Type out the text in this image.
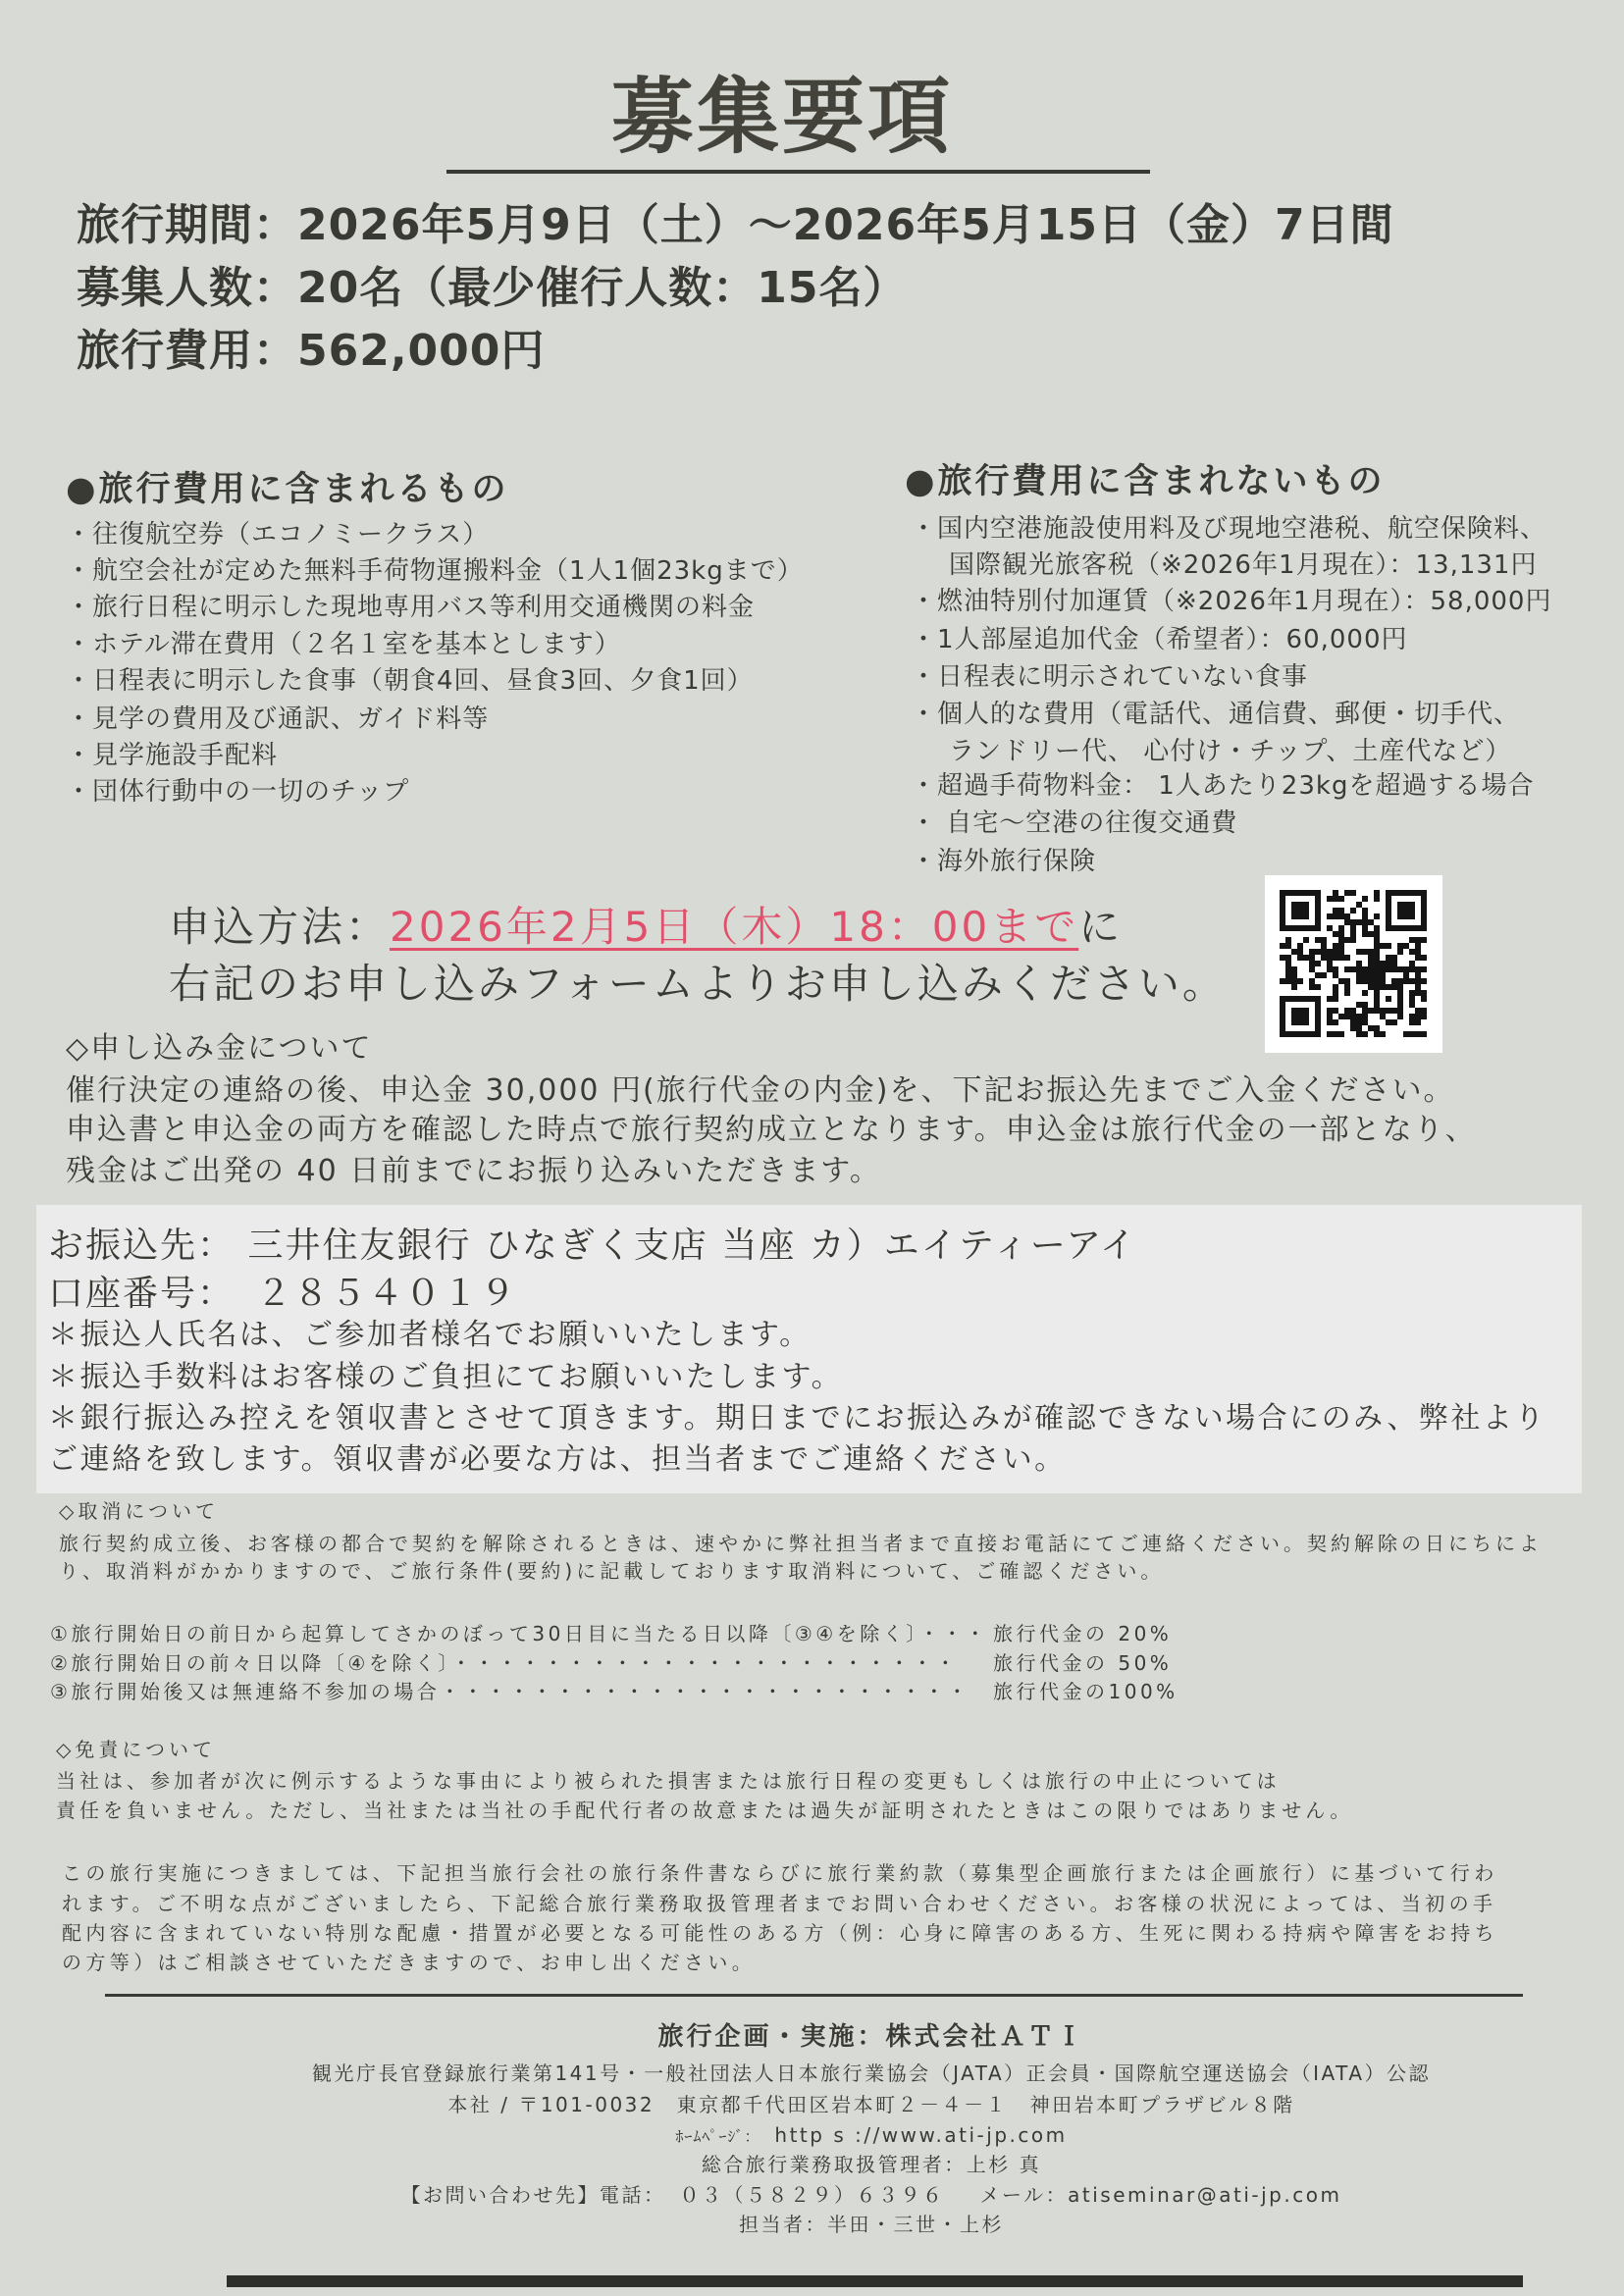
募集要項
旅行期間：2026年5月9日（土）～2026年5月15日（金）7日間
募集人数：20名（最少催行人数：15名）
旅行費用：562,000円
●旅行費用に含まれるもの
・往復航空券（エコノミークラス）
・航空会社が定めた無料手荷物運搬料金（1人1個23kgまで）
・旅行日程に明示した現地専用バス等利用交通機関の料金
・ホテル滞在費用（２名１室を基本とします）
・日程表に明示した食事（朝食4回、昼食3回、夕食1回）
・見学の費用及び通訳、ガイド料等
・見学施設手配料
・団体行動中の一切のチップ
●旅行費用に含まれないもの
・国内空港施設使用料及び現地空港税、航空保険料、
国際観光旅客税（※2026年1月現在）：13,131円
・燃油特別付加運賃（※2026年1月現在）：58,000円
・1人部屋追加代金（希望者）：60,000円
・日程表に明示されていない食事
・個人的な費用（電話代、通信費、郵便・切手代、
ランドリー代、 心付け・チップ、土産代など）
・超過手荷物料金： 1人あたり23kgを超過する場合
・ 自宅〜空港の往復交通費
・海外旅行保険
申込方法：2026年2月5日（木）18：00までに
右記のお申し込みフォームよりお申し込みください。
◇申し込み金について
催行決定の連絡の後、申込金 30,000 円(旅行代金の内金)を、下記お振込先までご入金ください。
申込書と申込金の両方を確認した時点で旅行契約成立となります。申込金は旅行代金の一部となり、
残金はご出発の 40 日前までにお振り込みいただきます。
お振込先： 三井住友銀行 ひなぎく支店 当座 カ）エイティーアイ
口座番号： ２８５４０１９
＊振込人氏名は、ご参加者様名でお願いいたします。
＊振込手数料はお客様のご負担にてお願いいたします。
＊銀行振込み控えを領収書とさせて頂きます。期日までにお振込みが確認できない場合にのみ、弊社より
ご連絡を致します。領収書が必要な方は、担当者までご連絡ください。
◇取消について
旅行契約成立後、お客様の都合で契約を解除されるときは、速やかに弊社担当者まで直接お電話にてご連絡ください。契約解除の日にちによ
り、取消料がかかりますので、ご旅行条件(要約)に記載しております取消料について、ご確認ください。
①旅行開始日の前日から起算してさかのぼって30日目に当たる日以降〔③④を除く〕・・・ 旅行代金の 20%
②旅行開始日の前々日以降〔④を除く〕・・・・・・・・・・・・・・・・・・・・・・	旅行代金の 50%
③旅行開始後又は無連絡不参加の場合・・・・・・・・・・・・・・・・・・・・・・・	旅行代金の100%
◇免責について
当社は、参加者が次に例示するような事由により被られた損害または旅行日程の変更もしくは旅行の中止については
責任を負いません。ただし、当社または当社の手配代行者の故意または過失が証明されたときはこの限りではありません。
この旅行実施につきましては、下記担当旅行会社の旅行条件書ならびに旅行業約款（募集型企画旅行または企画旅行）に基づいて行わ
れます。ご不明な点がございましたら、下記総合旅行業務取扱管理者までお問い合わせください。お客様の状況によっては、当初の手
配内容に含まれていない特別な配慮・措置が必要となる可能性のある方（例：心身に障害のある方、生死に関わる持病や障害をお持ち
の方等）はご相談させていただきますので、お申し出ください。
旅行企画・実施：株式会社ＡＴＩ
観光庁長官登録旅行業第141号・一般社団法人日本旅行業協会（JATA）正会員・国際航空運送協会（IATA）公認
本社 / 〒101-0032　東京都千代田区岩本町２－４－１　神田岩本町プラザビル８階
ﾎｰﾑﾍﾟｰｼﾞ： http s ://www.ati-jp.com
総合旅行業務取扱管理者：上杉 真
【お問い合わせ先】電話： ０３（５８２９）６３９６ メール：atiseminar@ati-jp.com
担当者：半田・三世・上杉
